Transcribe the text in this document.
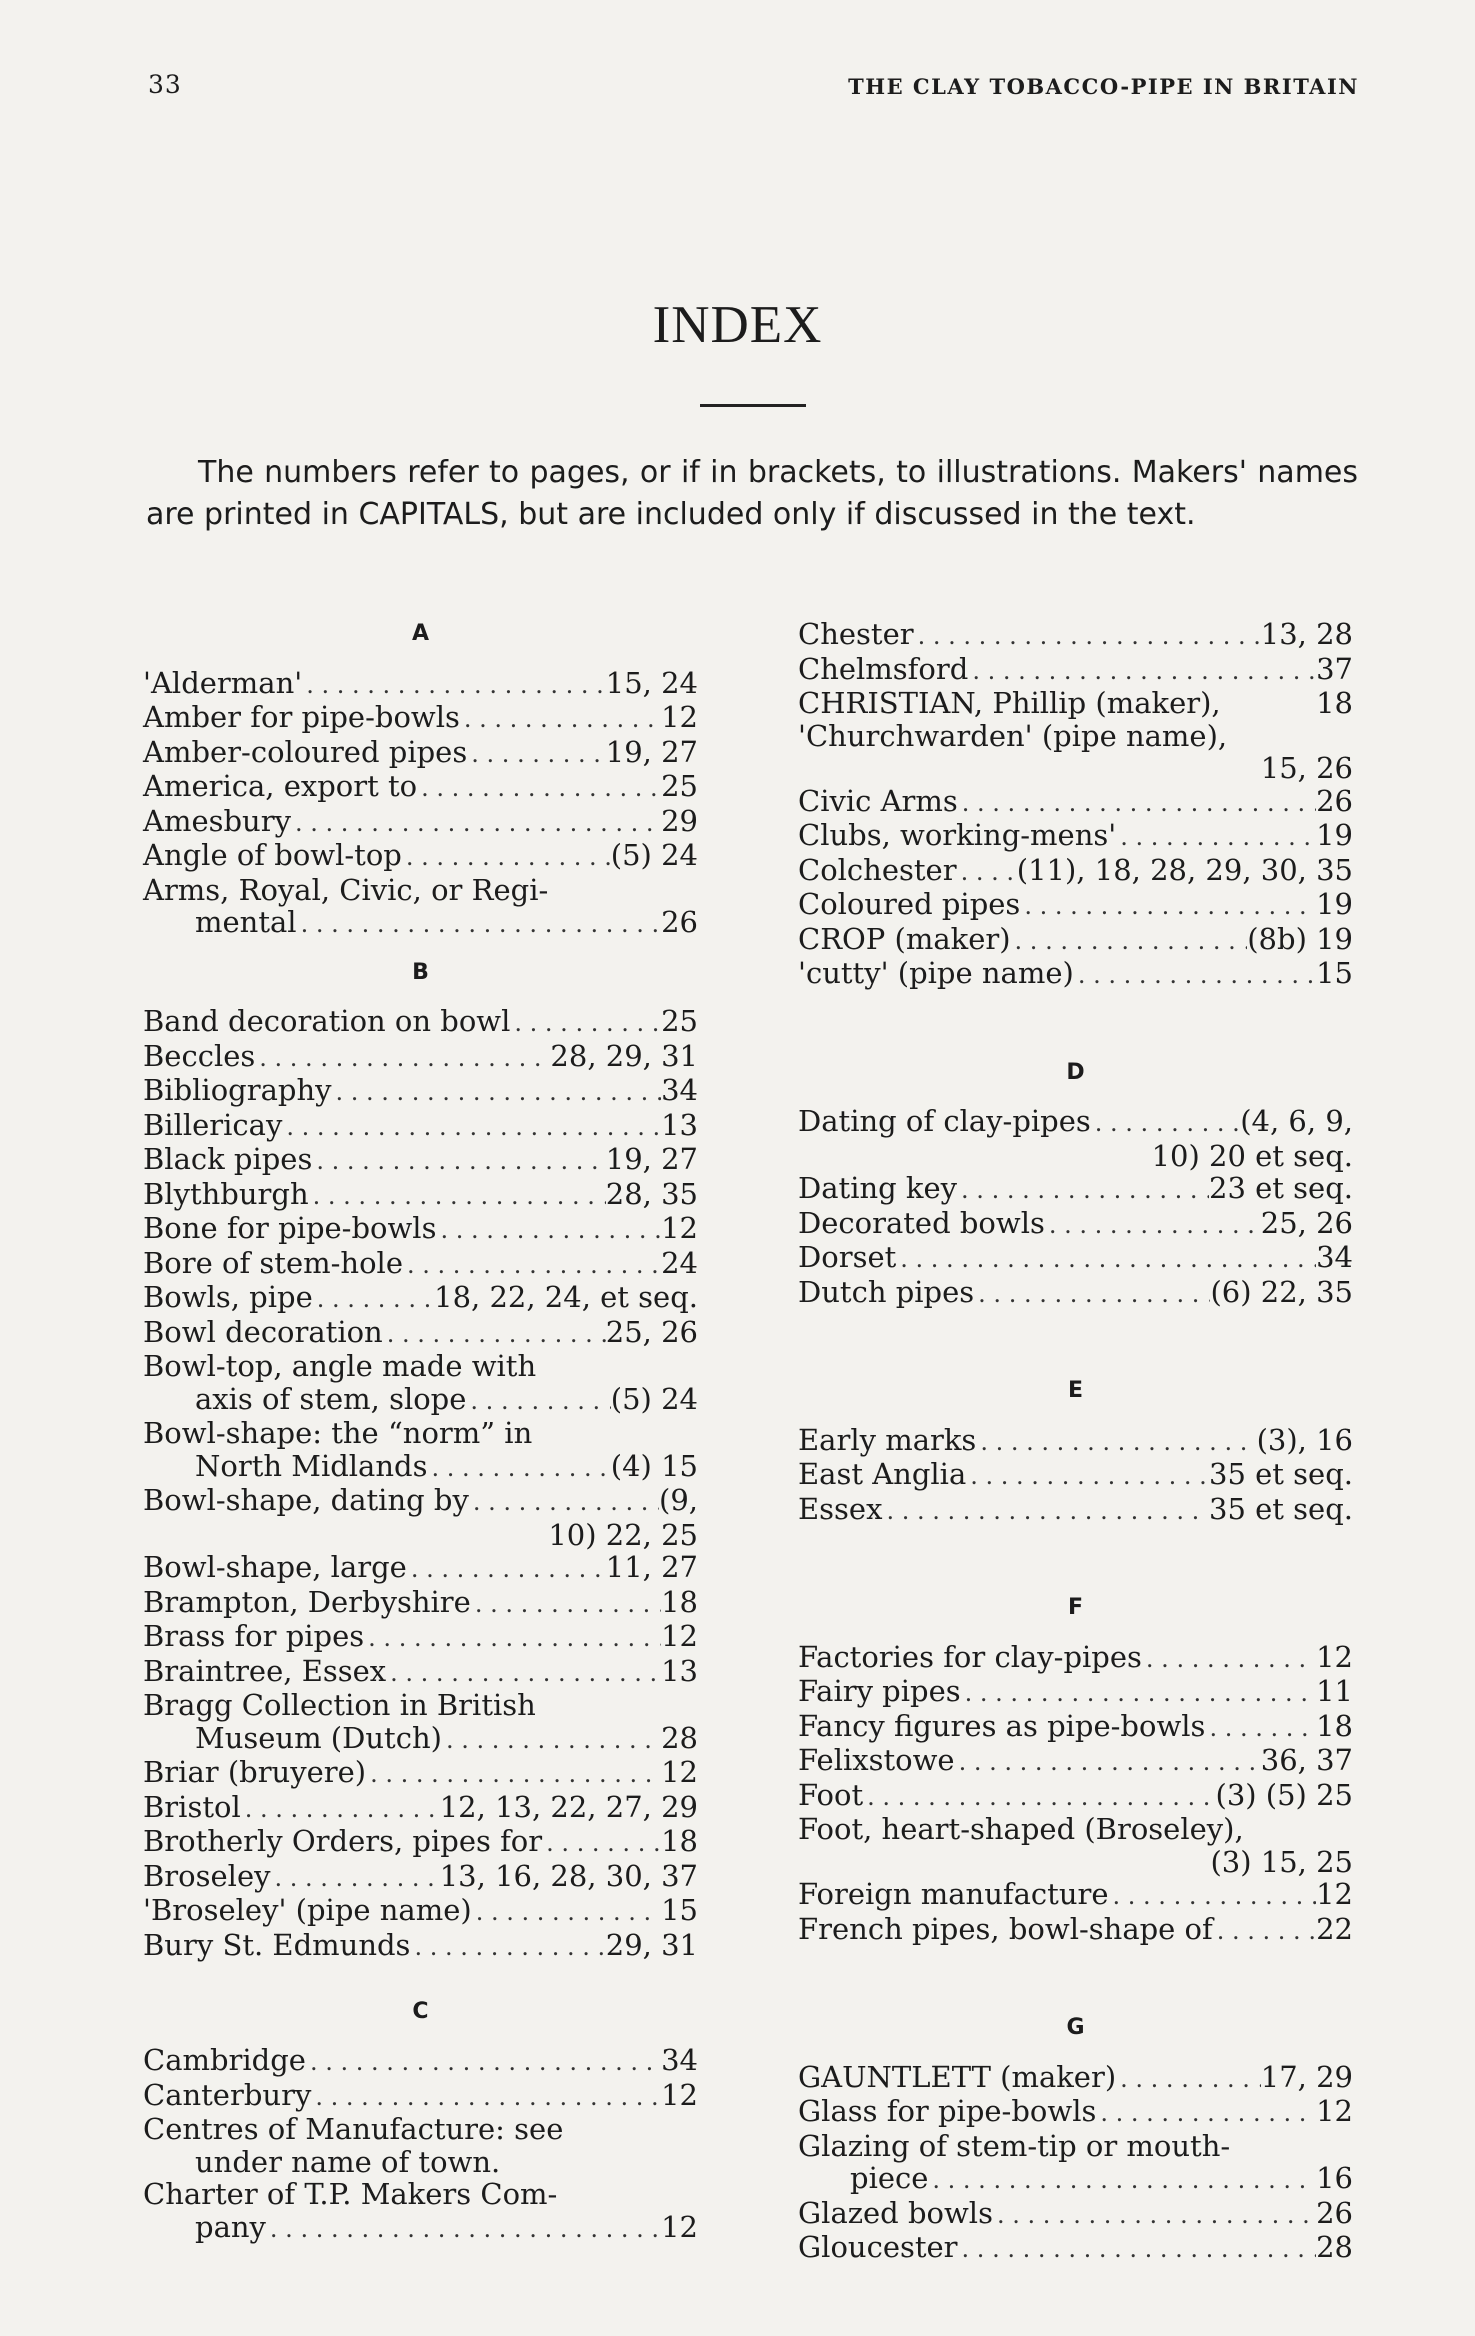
33	THE CLAY TOBACCO-PIPE IN BRITAIN
INDEX

The numbers refer to pages, or if in brackets, to illustrations. Makers' names are printed in CAPITALS, but are included only if discussed in the text.

A
'Alderman' . . .	15, 24
Amber for pipe-bowls . . .	12
Amber-coloured pipes . . .	19, 27
America, export to . . .	25
Amesbury . . .	29
Angle of bowl-top . . .	(5) 24
Arms, Royal, Civic, or Regi-
mental . . .	26
B
Band decoration on bowl . . .	25
Beccles . . .	28, 29, 31
Bibliography . . .	34
Billericay . . .	13
Black pipes . . .	19, 27
Blythburgh . . .	28, 35
Bone for pipe-bowls . . .	12
Bore of stem-hole . . .	24
Bowls, pipe . . .	18, 22, 24, et seq.
Bowl decoration . . .	25, 26
Bowl-top, angle made with
axis of stem, slope . . .	(5) 24
Bowl-shape: the “norm” in
North Midlands . . .	(4) 15
Bowl-shape, dating by . . .	(9,
10) 22, 25
Bowl-shape, large . . .	11, 27
Brampton, Derbyshire . . .	18
Brass for pipes . . .	12
Braintree, Essex . . .	13
Bragg Collection in British
Museum (Dutch) . . .	28
Briar (bruyere) . . .	12
Bristol . . .	12, 13, 22, 27, 29
Brotherly Orders, pipes for . . .	18
Broseley . . .	13, 16, 28, 30, 37
'Broseley' (pipe name) . . .	15
Bury St. Edmunds . . .	29, 31
C
Cambridge . . .	34
Canterbury . . .	12
Centres of Manufacture: see
under name of town.
Charter of T.P. Makers Com-
pany . . .	12
Chester . . .	13, 28
Chelmsford . . .	37
CHRISTIAN, Phillip (maker),	18
'Churchwarden' (pipe name),
15, 26
Civic Arms . . .	26
Clubs, working-mens' . . .	19
Colchester . . . (11), 18, 28, 29, 30, 35
Coloured pipes . . .	19
CROP (maker) . . .	(8b) 19
'cutty' (pipe name) . . .	15
D
Dating of clay-pipes . . .	(4, 6, 9,
10) 20 et seq.
Dating key . . .	23 et seq.
Decorated bowls . . .	25, 26
Dorset . . .	34
Dutch pipes . . .	(6) 22, 35
E
Early marks . . .	(3), 16
East Anglia . . .	35 et seq.
Essex . . .	35 et seq.
F
Factories for clay-pipes . . .	12
Fairy pipes . . .	11
Fancy figures as pipe-bowls . . .	18
Felixstowe . . .	36, 37
Foot . . .	(3) (5) 25
Foot, heart-shaped (Broseley),
(3) 15, 25
Foreign manufacture . . .	12
French pipes, bowl-shape of . . .	22
G
GAUNTLETT (maker) . . .	17, 29
Glass for pipe-bowls . . .	12
Glazing of stem-tip or mouth-
piece . . .	16
Glazed bowls . . .	26
Gloucester . . .	28
